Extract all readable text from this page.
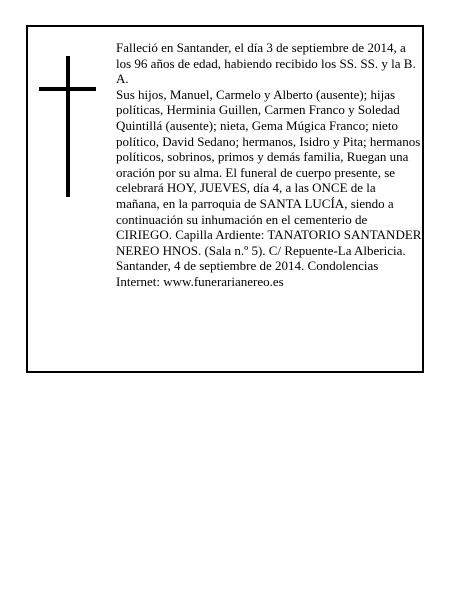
Falleció en Santander, el día 3 de septiembre de 2014, a los 96 años de edad, habiendo recibido los SS. SS. y la B. A.

Sus hijos, Manuel, Carmelo y Alberto (ausente); hijas políticas, Herminia Guillen, Carmen Franco y Soledad Quintillá (ausente); nieta, Gema Múgica Franco; nieto político, David Sedano; hermanos, Isidro y Pita; hermanos políticos, sobrinos, primos y demás familia, Ruegan una oración por su alma. El funeral de cuerpo presente, se celebrará HOY, JUEVES, día 4, a las ONCE de la mañana, en la parroquia de SANTA LUCÍA, siendo a continuación su inhumación en el cementerio de CIRIEGO. Capilla Ardiente: TANATORIO SANTANDER NEREO HNOS. (Sala n.º 5). C/ Repuente-La Albericia.

Santander, 4 de septiembre de 2014. Condolencias Internet: www.funerarianereo.es
